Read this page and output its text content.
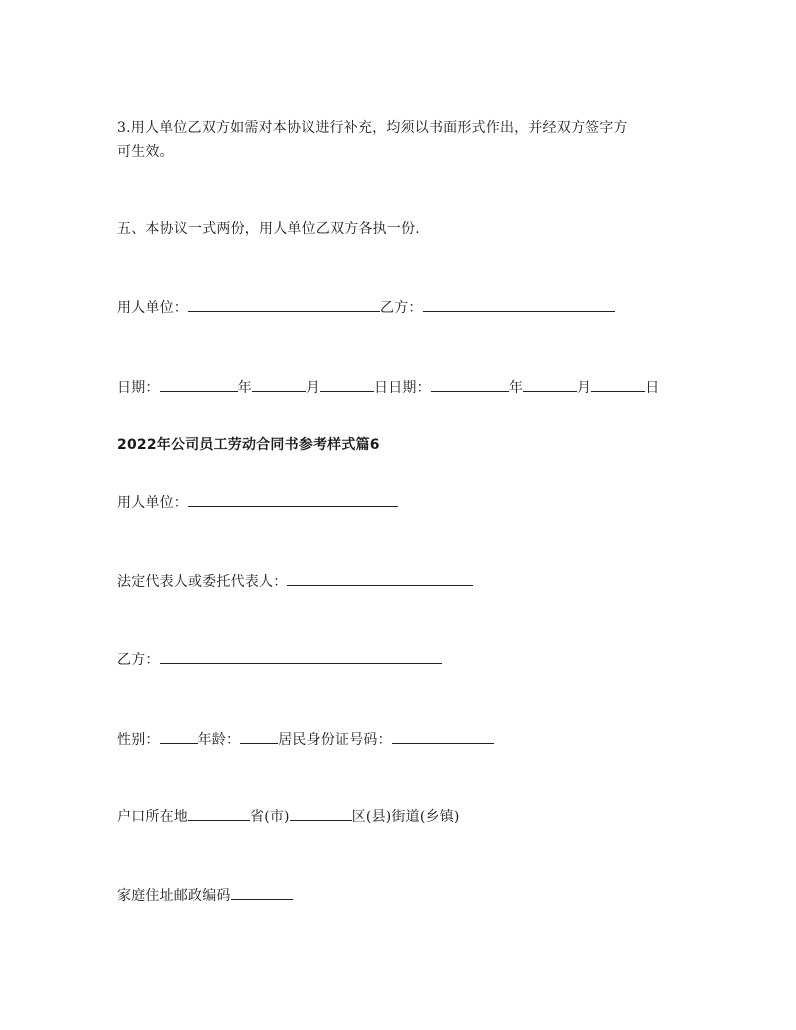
3.用人单位乙双方如需对本协议进行补充，均须以书面形式作出，并经双方签字方
可生效。
五、本协议一式两份，用人单位乙双方各执一份.
用人单位：	乙方：
日期：	年	月	日日期：	年	月	日
2022年公司员工劳动合同书参考样式篇6
用人单位：
法定代表人或委托代表人：
乙方：
性别：	年龄：	居民身份证号码：
户口所在地	省(市)	区(县)街道(乡镇)
家庭住址邮政编码
